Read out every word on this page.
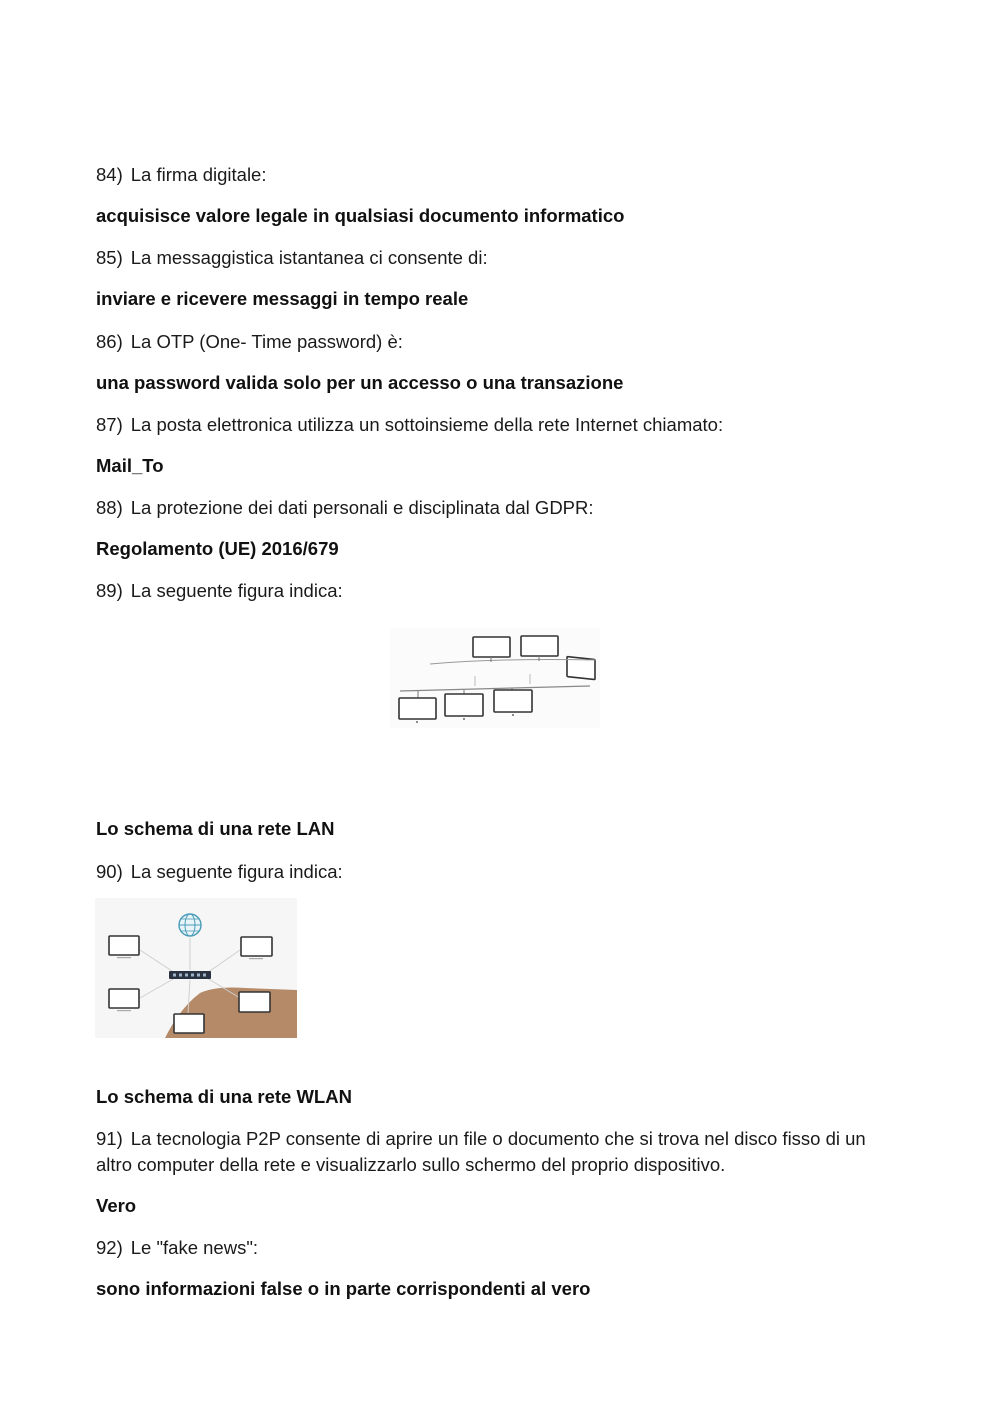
84) La firma digitale:
acquisisce valore legale in qualsiasi documento informatico
85) La messaggistica istantanea ci consente di:
inviare e ricevere messaggi in tempo reale
86) La OTP (One- Time password) è:
una password valida solo per un accesso o una transazione
87) La posta elettronica utilizza un sottoinsieme della rete Internet chiamato:
Mail_To
88) La protezione dei dati personali e disciplinata dal GDPR:
Regolamento (UE) 2016/679
89) La seguente figura indica:
Lo schema di una rete LAN
90) La seguente figura indica:
Lo schema di una rete WLAN
91) La tecnologia P2P consente di aprire un file o documento che si trova nel disco fisso di un altro computer della rete e visualizzarlo sullo schermo del proprio dispositivo.
Vero
92) Le "fake news":
sono informazioni false o in parte corrispondenti al vero
